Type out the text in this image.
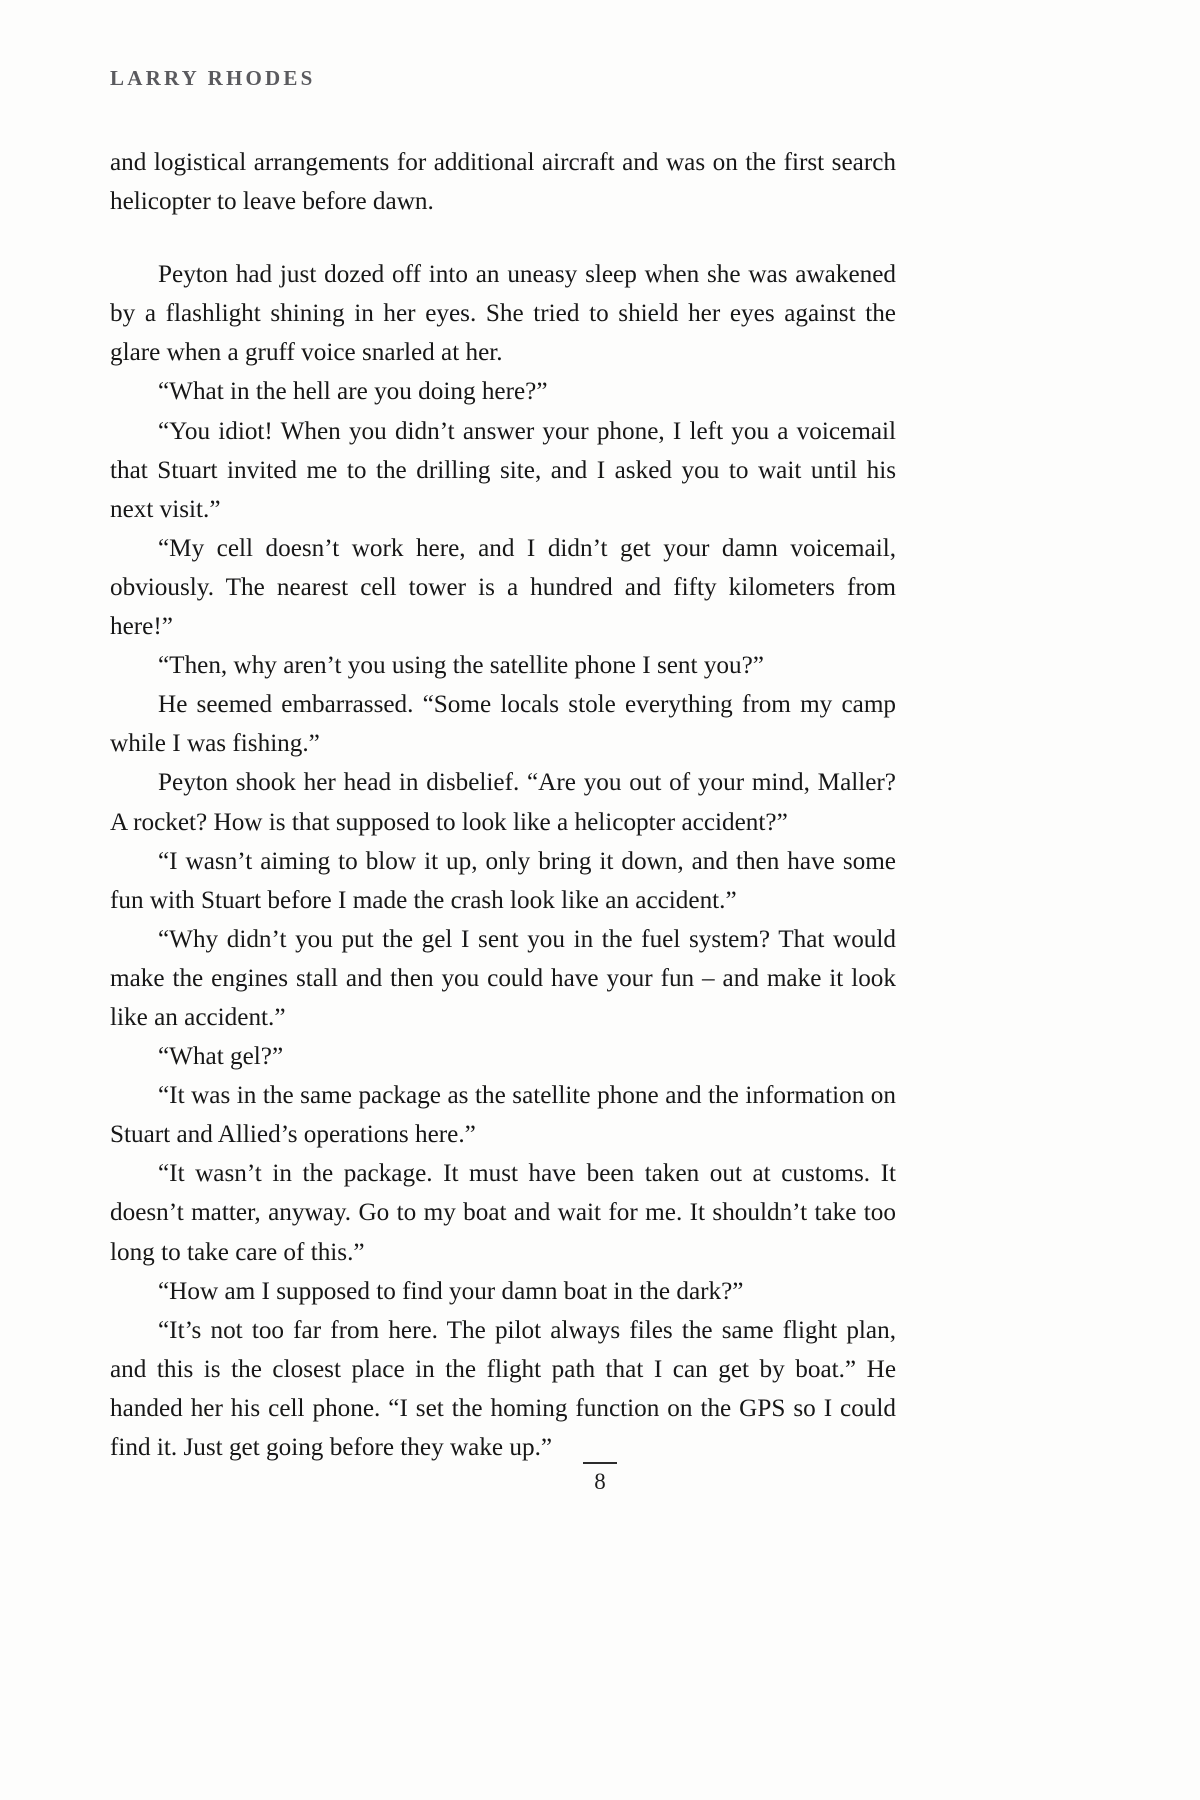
LARRY RHODES

and logistical arrangements for additional aircraft and was on the first search helicopter to leave before dawn.

Peyton had just dozed off into an uneasy sleep when she was awakened by a flashlight shining in her eyes. She tried to shield her eyes against the glare when a gruff voice snarled at her.

“What in the hell are you doing here?”

“You idiot! When you didn’t answer your phone, I left you a voicemail that Stuart invited me to the drilling site, and I asked you to wait until his next visit.”

“My cell doesn’t work here, and I didn’t get your damn voicemail, obviously. The nearest cell tower is a hundred and fifty kilometers from here!”

“Then, why aren’t you using the satellite phone I sent you?”

He seemed embarrassed. “Some locals stole everything from my camp while I was fishing.”

Peyton shook her head in disbelief. “Are you out of your mind, Maller? A rocket? How is that supposed to look like a helicopter accident?”

“I wasn’t aiming to blow it up, only bring it down, and then have some fun with Stuart before I made the crash look like an accident.”

“Why didn’t you put the gel I sent you in the fuel system? That would make the engines stall and then you could have your fun – and make it look like an accident.”

“What gel?”

“It was in the same package as the satellite phone and the information on Stuart and Allied’s operations here.”

“It wasn’t in the package. It must have been taken out at customs. It doesn’t matter, anyway. Go to my boat and wait for me. It shouldn’t take too long to take care of this.”

“How am I supposed to find your damn boat in the dark?”

“It’s not too far from here. The pilot always files the same flight plan, and this is the closest place in the flight path that I can get by boat.” He handed her his cell phone. “I set the homing function on the GPS so I could find it. Just get going before they wake up.”

8
